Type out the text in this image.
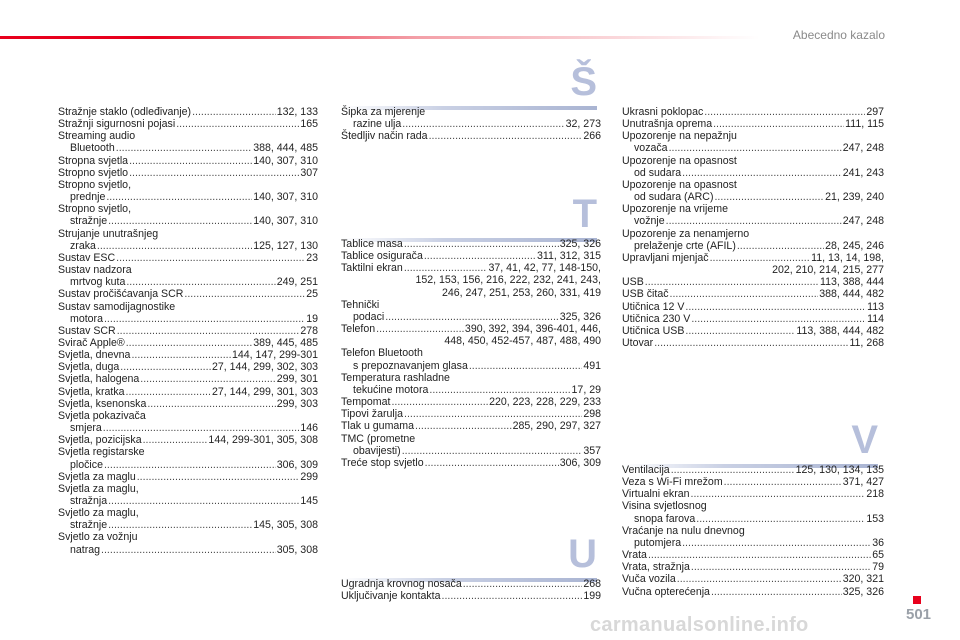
Abecedno kazalo
Stražnje staklo (odleđivanje) .....	132, 133
Stražnji sigurnosni pojasi .....	165
Streaming audio
Bluetooth .....	388, 444, 485
Stropna svjetla .....	140, 307, 310
Stropno svjetlo .....	307
Stropno svjetlo,
prednje .....	140, 307, 310
Stropno svjetlo,
stražnje .....	140, 307, 310
Strujanje unutrašnjeg
zraka .....	125, 127, 130
Sustav ESC .....	23
Sustav nadzora
mrtvog kuta .....	249, 251
Sustav pročišćavanja SCR .....	25
Sustav samodijagnostike
motora .....	19
Sustav SCR .....	278
Svirač Apple® .....	389, 445, 485
Svjetla, dnevna .....	144, 147, 299-301
Svjetla, duga .....	27, 144, 299, 302, 303
Svjetla, halogena .....	299, 301
Svjetla, kratka .....	27, 144, 299, 301, 303
Svjetla, ksenonska .....	299, 303
Svjetla pokazivača
smjera .....	146
Svjetla, pozicijska .....	144, 299-301, 305, 308
Svjetla registarske
pločice .....	306, 309
Svjetla za maglu .....	299
Svjetla za maglu,
stražnja .....	145
Svjetlo za maglu,
stražnje .....	145, 305, 308
Svjetlo za vožnju
natrag .....	305, 308
Š
Šipka za mjerenje
razine ulja .....	32, 273
Štedljiv način rada .....	266
T
Tablice masa .....	325, 326
Tablice osigurača .....	311, 312, 315
Taktilni ekran .....	37, 41, 42, 77, 148-150,
152, 153, 156, 216, 222, 232, 241, 243,
246, 247, 251, 253, 260, 331, 419
Tehnički
podaci .....	325, 326
Telefon .....	390, 392, 394, 396-401, 446,
448, 450, 452-457, 487, 488, 490
Telefon Bluetooth
s prepoznavanjem glasa .....	491
Temperatura rashladne
tekućine motora .....	17, 29
Tempomat .....	220, 223, 228, 229, 233
Tipovi žarulja .....	298
Tlak u gumama .....	285, 290, 297, 327
TMC (prometne
obavijesti) .....	357
Treće stop svjetlo .....	306, 309
U
Ugradnja krovnog nosača .....	268
Uključivanje kontakta .....	199
Ukrasni poklopac .....	297
Unutrašnja oprema .....	111, 115
Upozorenje na nepažnju
vozača .....	247, 248
Upozorenje na opasnost
od sudara .....	241, 243
Upozorenje na opasnost
od sudara (ARC) .....	21, 239, 240
Upozorenje na vrijeme
vožnje .....	247, 248
Upozorenje za nenamjerno
prelaženje crte (AFIL) .....	28, 245, 246
Upravljani mjenjač .....	11, 13, 14, 198,
202, 210, 214, 215, 277
USB .....	113, 388, 444
USB čitač .....	388, 444, 482
Utičnica 12 V .....	113
Utičnica 230 V .....	114
Utičnica USB .....	113, 388, 444, 482
Utovar .....	11, 268
V
Ventilacija .....	125, 130, 134, 135
Veza s Wi-Fi mrežom .....	371, 427
Virtualni ekran .....	218
Visina svjetlosnog
snopa farova .....	153
Vraćanje na nulu dnevnog
putomjera .....	36
Vrata .....	65
Vrata, stražnja .....	79
Vuča vozila .....	320, 321
Vučna opterećenja .....	325, 326
501
carmanualsonline.info
